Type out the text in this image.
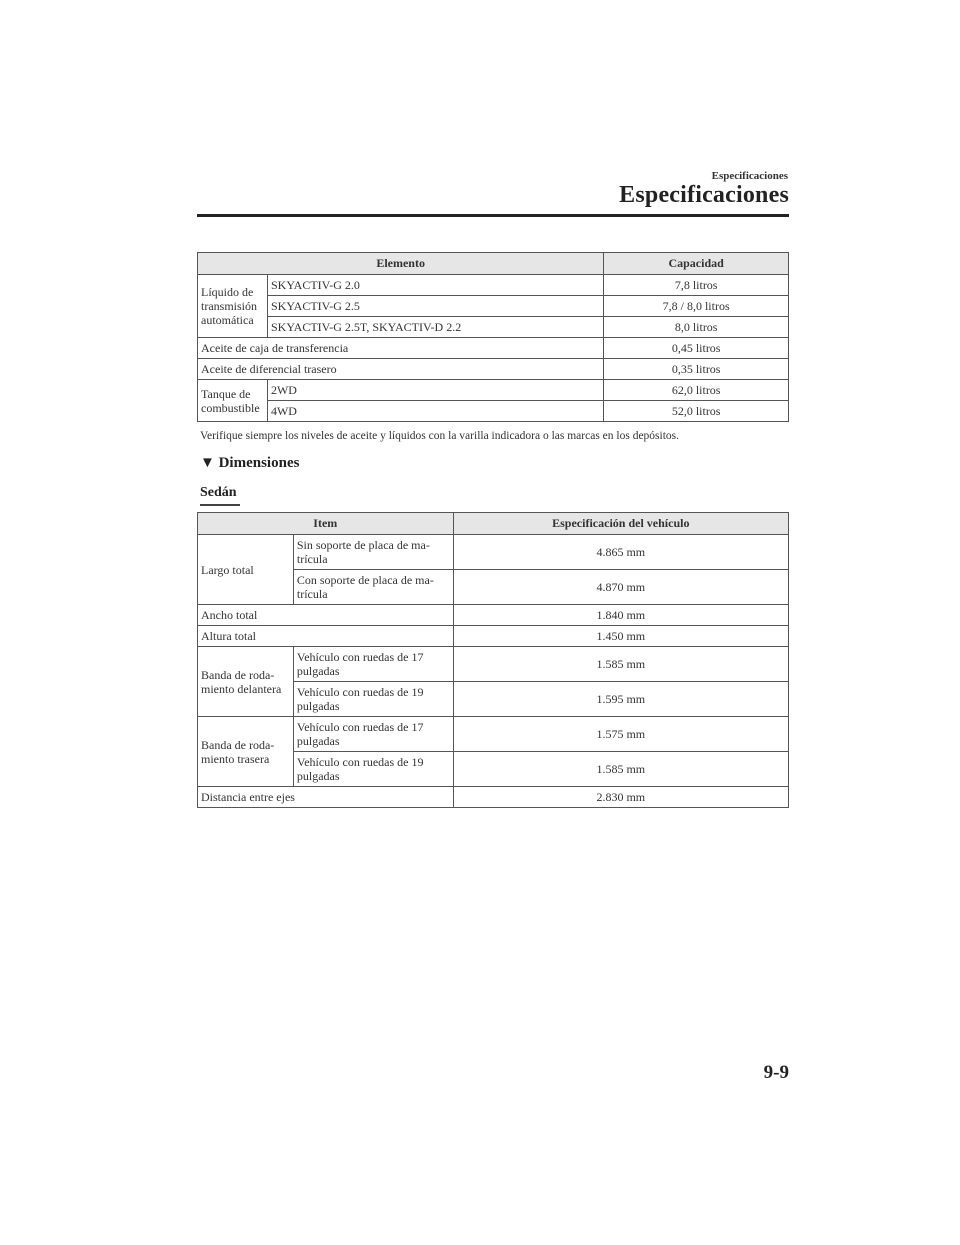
Especificaciones
Especificaciones
Elemento		Capacidad
Líquido de transmisión automática	SKYACTIV-G 2.0	7,8 litros
	SKYACTIV-G 2.5	7,8 / 8,0 litros
	SKYACTIV-G 2.5T, SKYACTIV-D 2.2	8,0 litros
Aceite de caja de transferencia		0,45 litros
Aceite de diferencial trasero		0,35 litros
Tanque de combustible	2WD	62,0 litros
	4WD	52,0 litros
Verifique siempre los niveles de aceite y líquidos con la varilla indicadora o las marcas en los depósitos.
▼ Dimensiones
Sedán
Item		Especificación del vehículo
Largo total	Sin soporte de placa de ma-trícula	4.865 mm
	Con soporte de placa de ma-trícula	4.870 mm
Ancho total		1.840 mm
Altura total		1.450 mm
Banda de roda-miento delantera	Vehículo con ruedas de 17 pulgadas	1.585 mm
	Vehículo con ruedas de 19 pulgadas	1.595 mm
Banda de roda-miento trasera	Vehículo con ruedas de 17 pulgadas	1.575 mm
	Vehículo con ruedas de 19 pulgadas	1.585 mm
Distancia entre ejes		2.830 mm
9-9
